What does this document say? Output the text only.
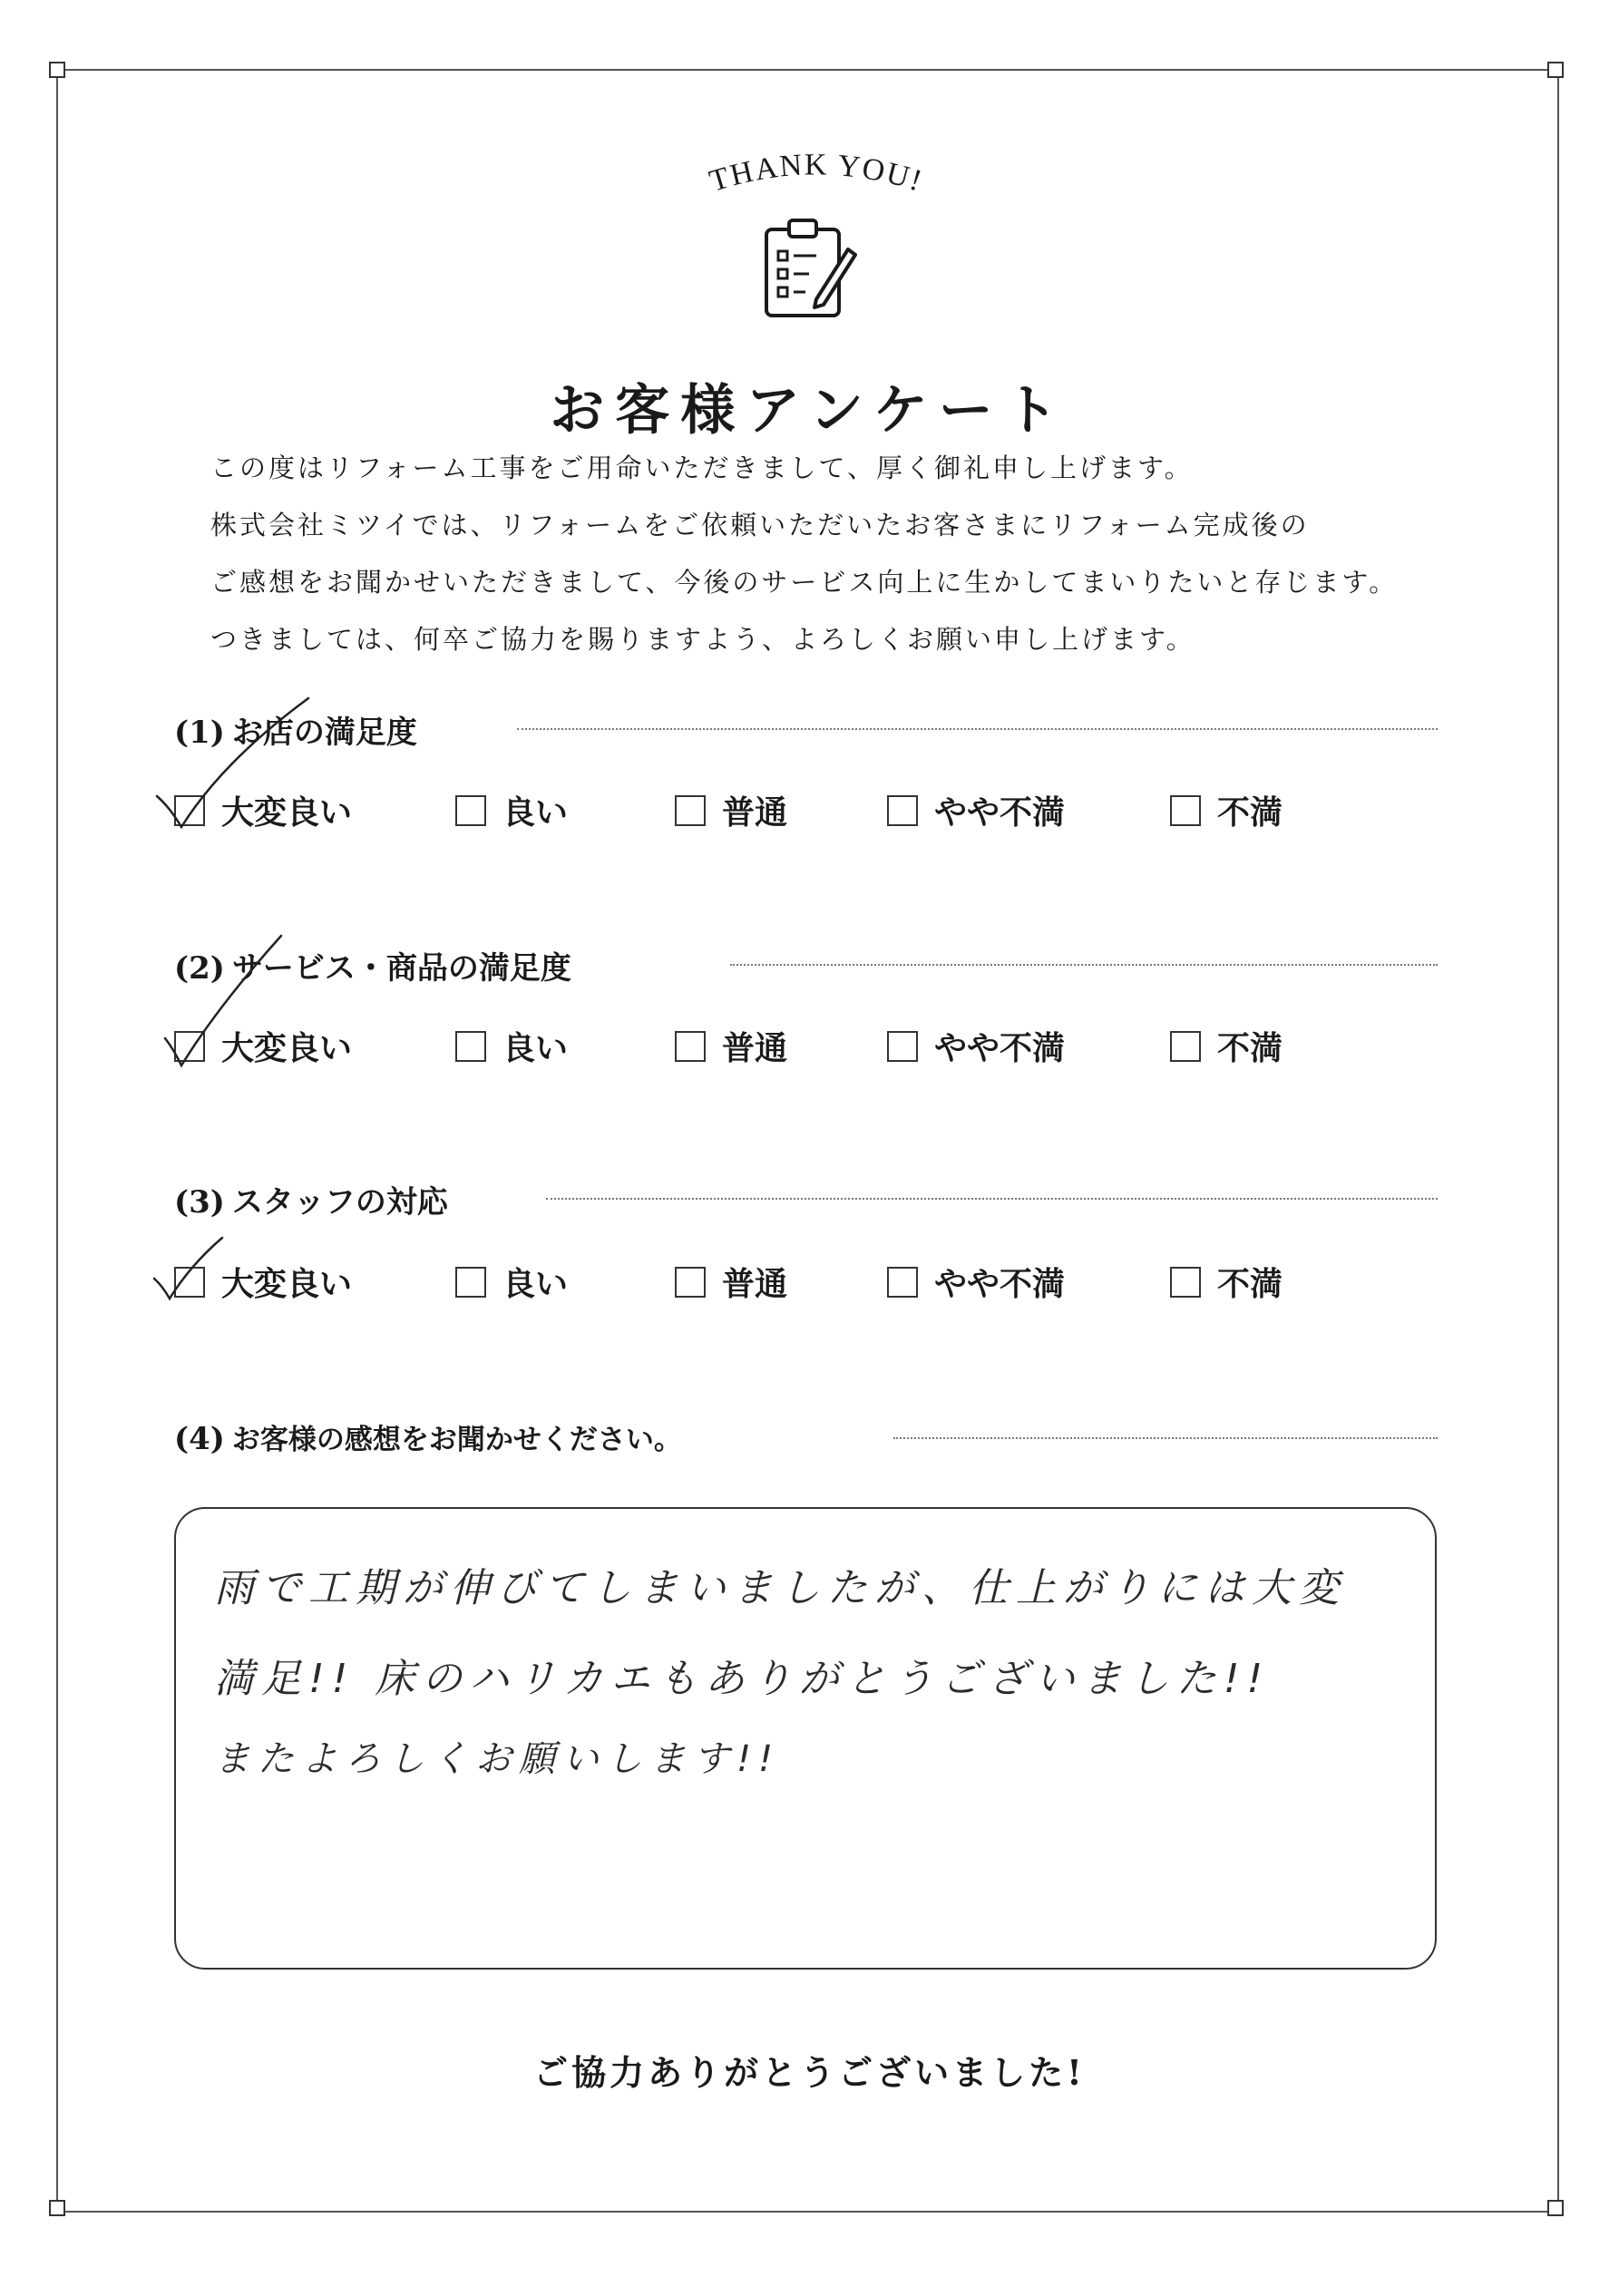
THANK YOU!
お客様アンケート
この度はリフォーム工事をご用命いただきまして、厚く御礼申し上げます。
株式会社ミツイでは、リフォームをご依頼いただいたお客さまにリフォーム完成後の
ご感想をお聞かせいただきまして、今後のサービス向上に生かしてまいりたいと存じます。
つきましては、何卒ご協力を賜りますよう、よろしくお願い申し上げます。
(1) お店の満足度
大変良い	良い	普通	やや不満	不満
(2) サービス・商品の満足度
大変良い	良い	普通	やや不満	不満
(3) スタッフの対応
大変良い	良い	普通	やや不満	不満
(4) お客様の感想をお聞かせください。
雨で工期が伸びてしまいましたが、仕上がりには大変
満足!! 床のハリカエもありがとうございました!!
またよろしくお願いします!!
ご協力ありがとうございました!
